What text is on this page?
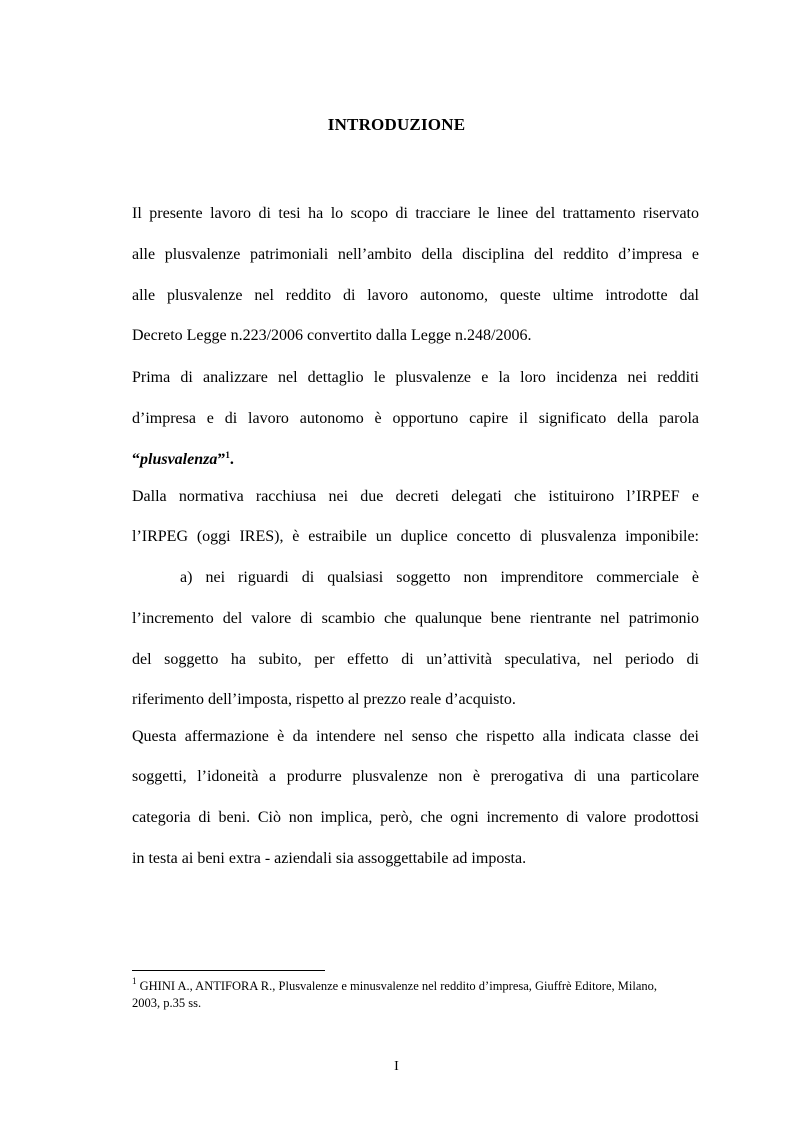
INTRODUZIONE
Il presente lavoro di tesi ha lo scopo di tracciare le linee del trattamento riservato
alle plusvalenze patrimoniali nell’ambito della disciplina del reddito d’impresa e
alle plusvalenze nel reddito di lavoro autonomo, queste ultime introdotte dal
Decreto Legge n.223/2006 convertito dalla Legge n.248/2006.
Prima di analizzare nel dettaglio le plusvalenze e la loro incidenza nei redditi
d’impresa e di lavoro autonomo è opportuno capire il significato della parola
“plusvalenza”$^1$.
Dalla normativa racchiusa nei due decreti delegati che istituirono l’IRPEF e
l’IRPEG (oggi IRES), è estraibile un duplice concetto di plusvalenza imponibile:
a) nei riguardi di qualsiasi soggetto non imprenditore commerciale è
l’incremento del valore di scambio che qualunque bene rientrante nel patrimonio
del soggetto ha subito, per effetto di un’attività speculativa, nel periodo di
riferimento dell’imposta, rispetto al prezzo reale d’acquisto.
Questa affermazione è da intendere nel senso che rispetto alla indicata classe dei
soggetti, l’idoneità a produrre plusvalenze non è prerogativa di una particolare
categoria di beni. Ciò non implica, però, che ogni incremento di valore prodottosi
in testa ai beni extra - aziendali sia assoggettabile ad imposta.
$^1$ GHINI A., ANTIFORA R., Plusvalenze e minusvalenze nel reddito d’impresa, Giuffrè Editore, Milano,
2003, p.35 ss.
I
